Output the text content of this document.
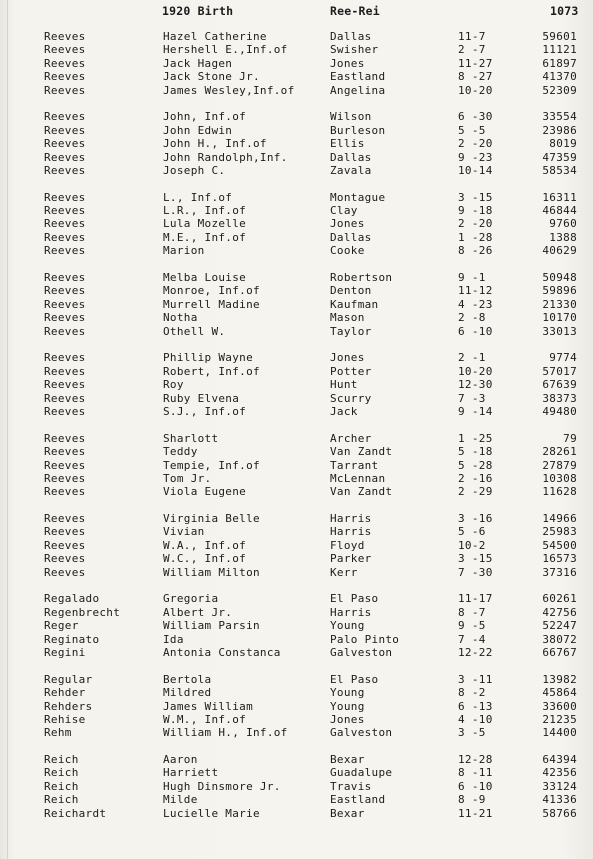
1920 Birth	Ree-Rei	1073
Reeves	Hazel Catherine	Dallas	11-7	59601
Reeves	Hershell E.,Inf.of	Swisher	2 -7	11121
Reeves	Jack Hagen	Jones	11-27	61897
Reeves	Jack Stone Jr.	Eastland	8 -27	41370
Reeves	James Wesley,Inf.of	Angelina	10-20	52309
Reeves	John, Inf.of	Wilson	6 -30	33554
Reeves	John Edwin	Burleson	5 -5	23986
Reeves	John H., Inf.of	Ellis	2 -20	8019
Reeves	John Randolph,Inf.	Dallas	9 -23	47359
Reeves	Joseph C.	Zavala	10-14	58534
Reeves	L., Inf.of	Montague	3 -15	16311
Reeves	L.R., Inf.of	Clay	9 -18	46844
Reeves	Lula Mozelle	Jones	2 -20	9760
Reeves	M.E., Inf.of	Dallas	1 -28	1388
Reeves	Marion	Cooke	8 -26	40629
Reeves	Melba Louise	Robertson	9 -1	50948
Reeves	Monroe, Inf.of	Denton	11-12	59896
Reeves	Murrell Madine	Kaufman	4 -23	21330
Reeves	Notha	Mason	2 -8	10170
Reeves	Othell W.	Taylor	6 -10	33013
Reeves	Phillip Wayne	Jones	2 -1	9774
Reeves	Robert, Inf.of	Potter	10-20	57017
Reeves	Roy	Hunt	12-30	67639
Reeves	Ruby Elvena	Scurry	7 -3	38373
Reeves	S.J., Inf.of	Jack	9 -14	49480
Reeves	Sharlott	Archer	1 -25	79
Reeves	Teddy	Van Zandt	5 -18	28261
Reeves	Tempie, Inf.of	Tarrant	5 -28	27879
Reeves	Tom Jr.	McLennan	2 -16	10308
Reeves	Viola Eugene	Van Zandt	2 -29	11628
Reeves	Virginia Belle	Harris	3 -16	14966
Reeves	Vivian	Harris	5 -6	25983
Reeves	W.A., Inf.of	Floyd	10-2	54500
Reeves	W.C., Inf.of	Parker	3 -15	16573
Reeves	William Milton	Kerr	7 -30	37316
Regalado	Gregoria	El Paso	11-17	60261
Regenbrecht	Albert Jr.	Harris	8 -7	42756
Reger	William Parsin	Young	9 -5	52247
Reginato	Ida	Palo Pinto	7 -4	38072
Regini	Antonia Constanca	Galveston	12-22	66767
Regular	Bertola	El Paso	3 -11	13982
Rehder	Mildred	Young	8 -2	45864
Rehders	James William	Young	6 -13	33600
Rehise	W.M., Inf.of	Jones	4 -10	21235
Rehm	William H., Inf.of	Galveston	3 -5	14400
Reich	Aaron	Bexar	12-28	64394
Reich	Harriett	Guadalupe	8 -11	42356
Reich	Hugh Dinsmore Jr.	Travis	6 -10	33124
Reich	Milde	Eastland	8 -9	41336
Reichardt	Lucielle Marie	Bexar	11-21	58766
